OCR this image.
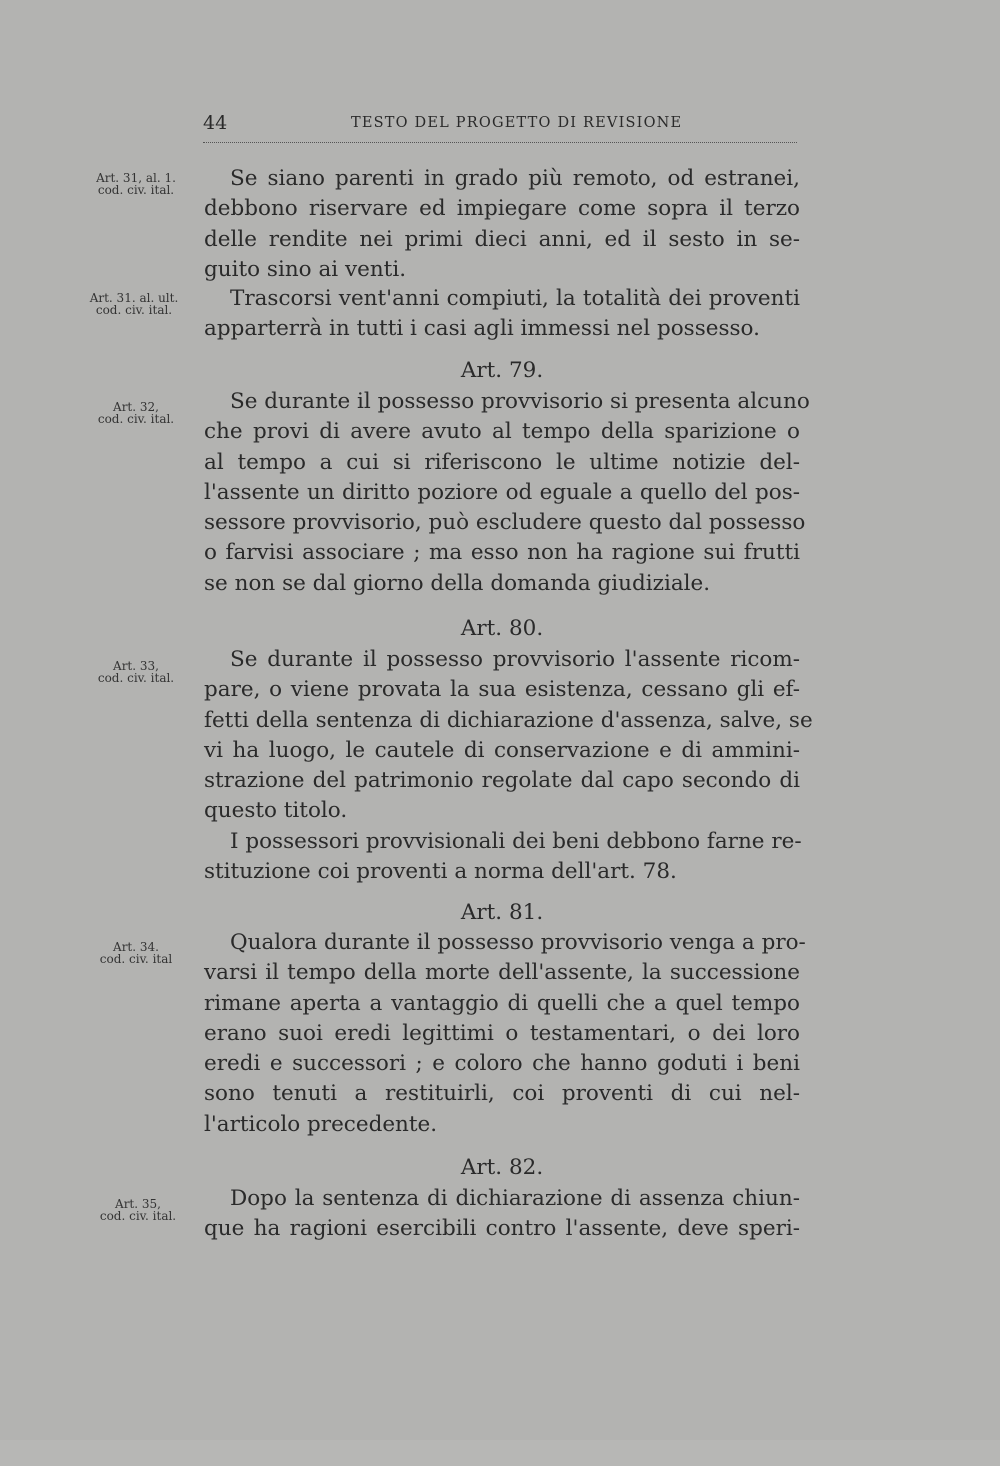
44	TESTO DEL PROGETTO DI REVISIONE
Art. 31, al. 1.
cod. civ. ital.
Art. 31. al. ult.
cod. civ. ital.
Art. 32,
cod. civ. ital.
Art. 33,
cod. civ. ital.
Art. 34.
cod. civ. ital
Art. 35,
cod. civ. ital.
Se siano parenti in grado più remoto, od estranei,
debbono riservare ed impiegare come sopra il terzo
delle rendite nei primi dieci anni, ed il sesto in se-
guito sino ai venti.
Trascorsi vent'anni compiuti, la totalità dei proventi
apparterrà in tutti i casi agli immessi nel possesso.
Art. 79.
Se durante il possesso provvisorio si presenta alcuno
che provi di avere avuto al tempo della sparizione o
al tempo a cui si riferiscono le ultime notizie del-
l'assente un diritto poziore od eguale a quello del pos-
sessore provvisorio, può escludere questo dal possesso
o farvisi associare ; ma esso non ha ragione sui frutti
se non se dal giorno della domanda giudiziale.
Art. 80.
Se durante il possesso provvisorio l'assente ricom-
pare, o viene provata la sua esistenza, cessano gli ef-
fetti della sentenza di dichiarazione d'assenza, salve, se
vi ha luogo, le cautele di conservazione e di ammini-
strazione del patrimonio regolate dal capo secondo di
questo titolo.
I possessori provvisionali dei beni debbono farne re-
stituzione coi proventi a norma dell'art. 78.
Art. 81.
Qualora durante il possesso provvisorio venga a pro-
varsi il tempo della morte dell'assente, la successione
rimane aperta a vantaggio di quelli che a quel tempo
erano suoi eredi legittimi o testamentari, o dei loro
eredi e successori ; e coloro che hanno goduti i beni
sono tenuti a restituirli, coi proventi di cui nel-
l'articolo precedente.
Art. 82.
Dopo la sentenza di dichiarazione di assenza chiun-
que ha ragioni esercibili contro l'assente, deve speri-
